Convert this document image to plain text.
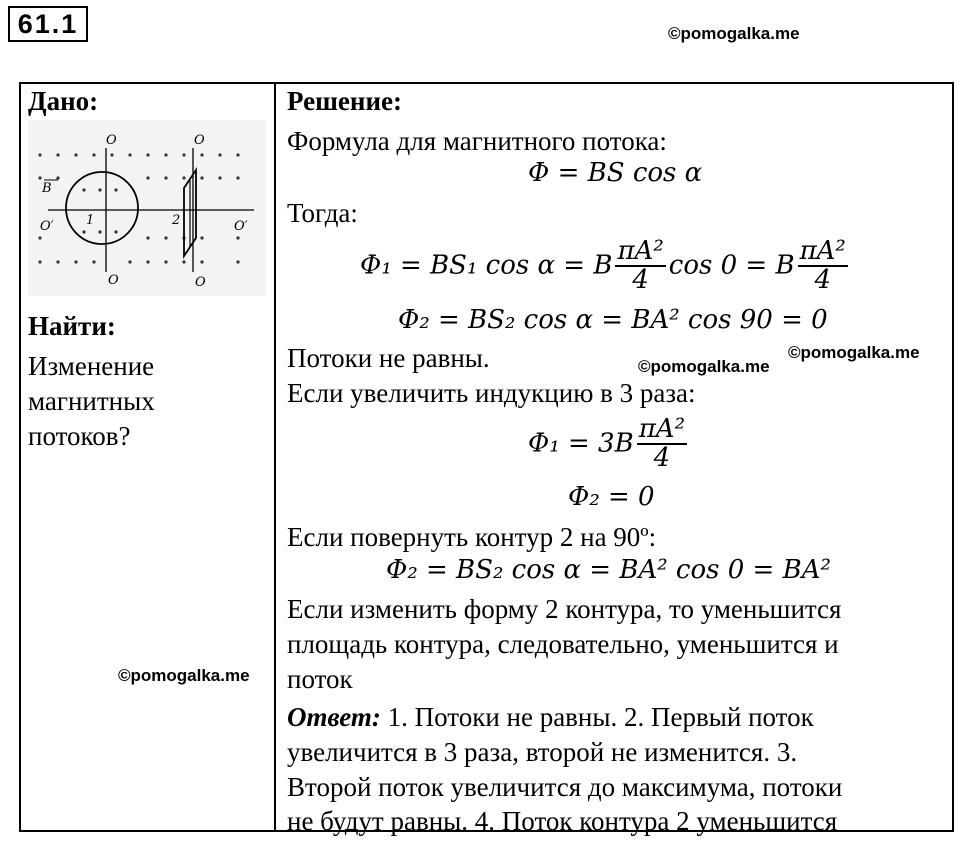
61.1	©pomogalka.me
Дано:
O	O
O	O
O′	O′
B
1	2
Найти:
Изменение
магнитных
потоков?
©pomogalka.me
Решение:
Формула для магнитного потока:
Φ = BS cos α
Тогда:
Φ₁ = BS₁ cos α = B $\frac{\text{πA²}}{4}$ cos 0 = B $\frac{\text{πA²}}{4}$
Φ₂ = BS₂ cos α = BA² cos 90 = 0
Потоки не равны.	©pomogalka.me
©pomogalka.me
Если увеличить индукцию в 3 раза:
$\Phi_1 = 3B \frac{\text{πA²}}{4}$
Φ₂ = 0
Если повернуть контур 2 на 90º:
Φ₂ = BS₂ cos α = BA² cos 0 = BA²
Если изменить форму 2 контура, то уменьшится
площадь контура, следовательно, уменьшится и
поток
Ответ: 1. Потоки не равны. 2. Первый поток
увеличится в 3 раза, второй не изменится. 3.
Второй поток увеличится до максимума, потоки
не будут равны. 4. Поток контура 2 уменьшится
